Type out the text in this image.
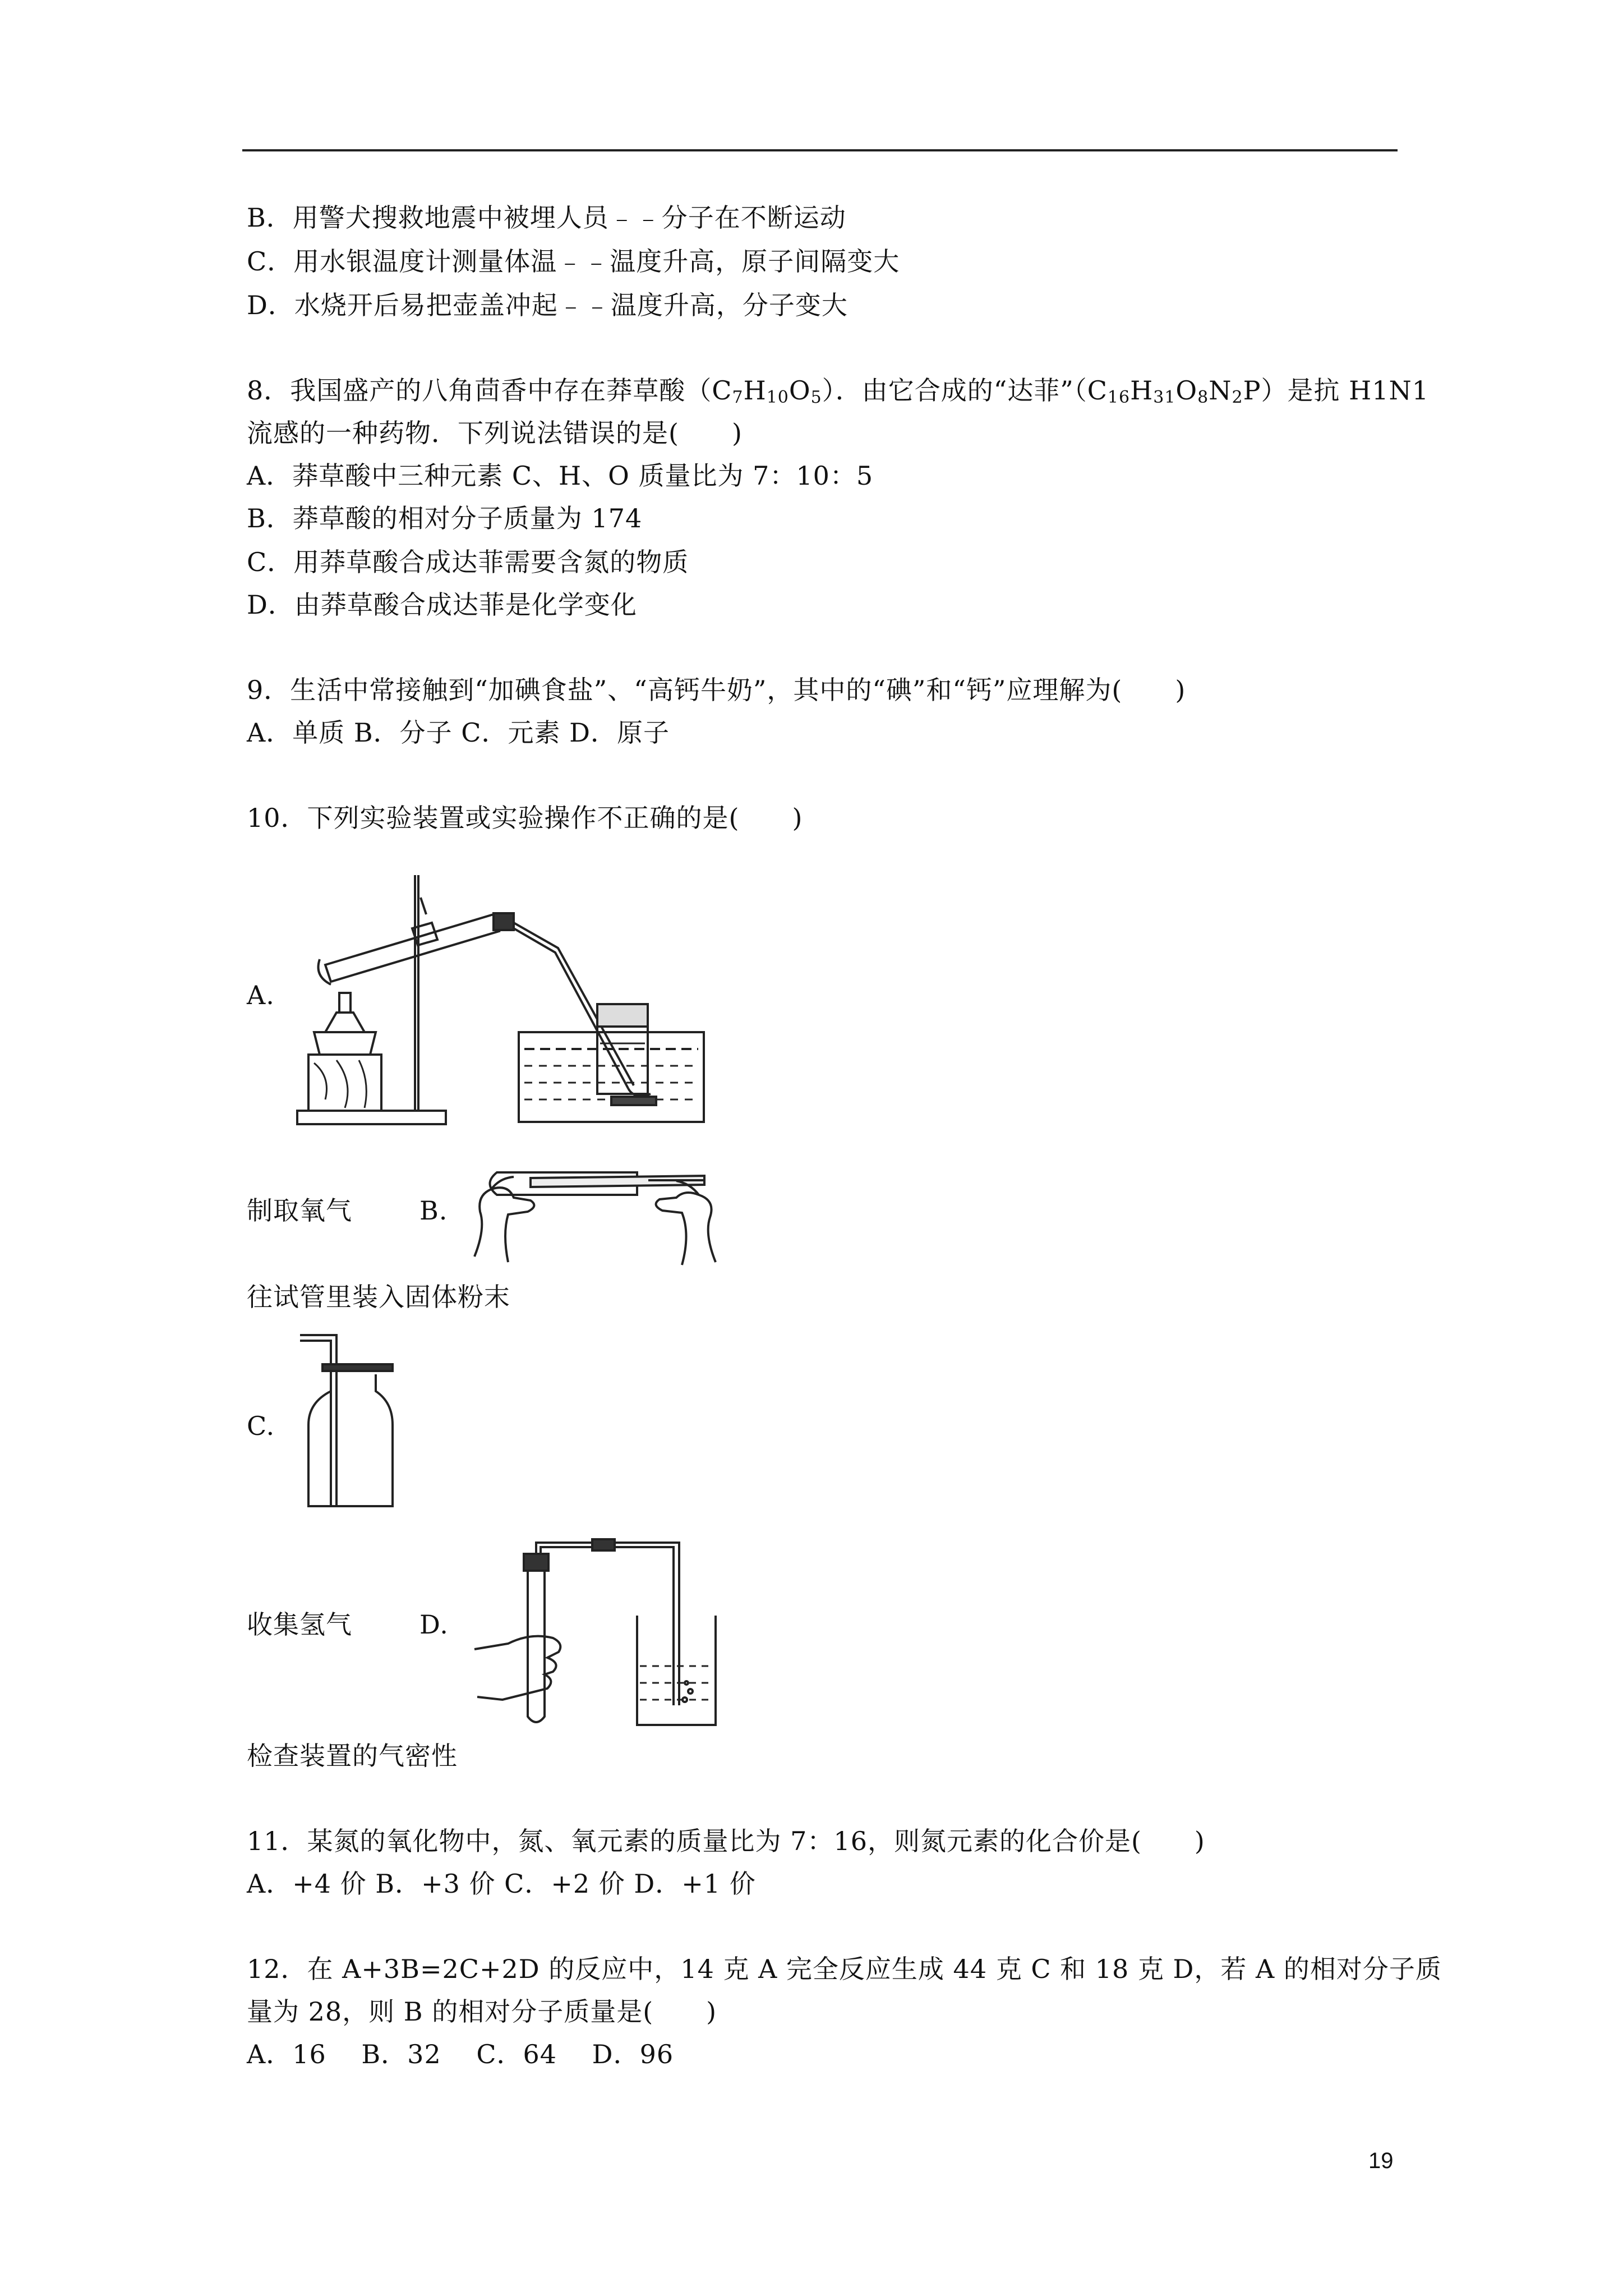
B．用警犬搜救地震中被埋人员﹣﹣分子在不断运动
C．用水银温度计测量体温﹣﹣温度升高，原子间隔变大
D．水烧开后易把壶盖冲起﹣﹣温度升高，分子变大
8．我国盛产的八角茴香中存在莽草酸$(C_7H_{10}O_5)$．由它合成的“达菲$”(C_{16}H_{31}O_8N_2P)$是抗 H1N1
流感的一种药物．下列说法错误的是(　　)
A．莽草酸中三种元素 C、H、O 质量比为 7：10：5
B．莽草酸的相对分子质量为 174
C．用莽草酸合成达菲需要含氮的物质
D．由莽草酸合成达菲是化学变化
9．生活中常接触到“加碘食盐”、“高钙牛奶”，其中的“碘”和“钙”应理解为(　　)
A．单质 B．分子 C．元素 D．原子
10．下列实验装置或实验操作不正确的是(　　)
A.
制取氧气	B.
往试管里装入固体粉末
C.
收集氢气	D.
检查装置的气密性
11．某氮的氧化物中，氮、氧元素的质量比为 7：16，则氮元素的化合价是(　　)
A．+4 价 B．+3 价 C．+2 价 D．+1 价
12．在 A+3B=2C+2D 的反应中，14 克 A 完全反应生成 44 克 C 和 18 克 D，若 A 的相对分子质
量为 28，则 B 的相对分子质量是(　　)
A．16　 B．32　 C．64　 D．96
19
